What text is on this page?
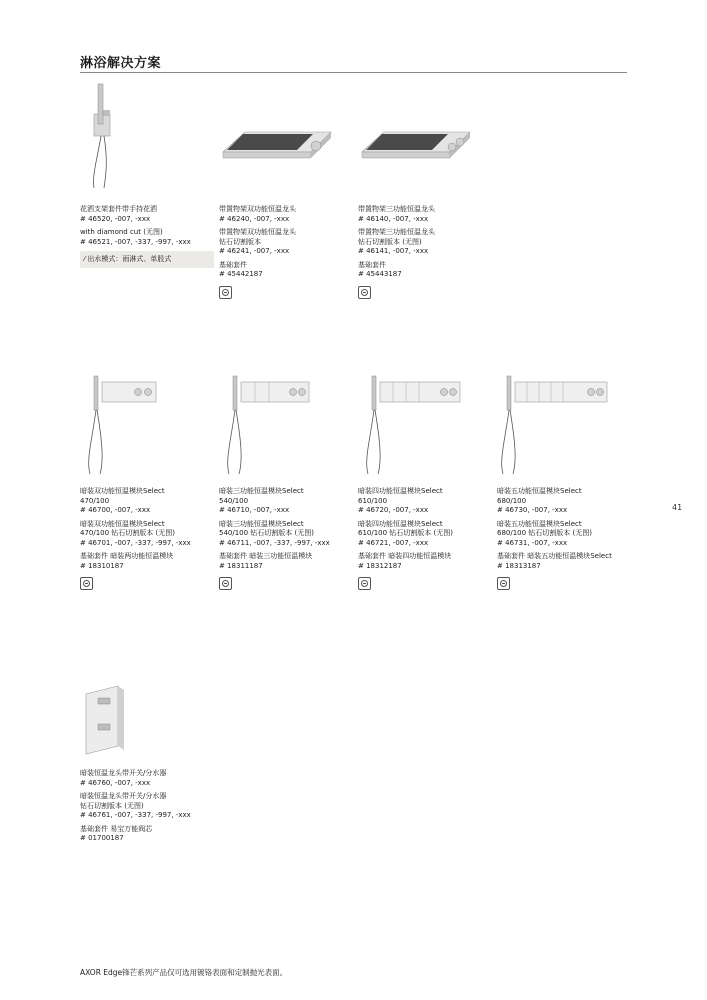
淋浴解决方案
花洒支架套件带手持花洒
# 46520, -007, -xxx
with diamond cut (无图)
# 46521, -007, -337, -997, -xxx
⁄ 出水模式：雨淋式、单股式
带置物架双功能恒温龙头
# 46240, -007, -xxx
带置物架双功能恒温龙头
钻石切割版本
# 46241, -007, -xxx
基础套件
# 45442187
带置物架三功能恒温龙头
# 46140, -007, -xxx
带置物架三功能恒温龙头
钻石切割版本 (无图)
# 46141, -007, -xxx
基础套件
# 45443187
暗装双功能恒温模块Select
470/100
# 46700, -007, -xxx
暗装双功能恒温模块Select
470/100 钻石切割版本 (无图)
# 46701, -007, -337, -997, -xxx
基础套件 暗装两功能恒温模块
# 18310187
暗装三功能恒温模块Select
540/100
# 46710, -007, -xxx
暗装三功能恒温模块Select
540/100 钻石切割版本 (无图)
# 46711, -007, -337, -997, -xxx
基础套件 暗装三功能恒温模块
# 18311187
暗装四功能恒温模块Select
610/100
# 46720, -007, -xxx
暗装四功能恒温模块Select
610/100 钻石切割版本 (无图)
# 46721, -007, -xxx
基础套件 暗装四功能恒温模块
# 18312187
暗装五功能恒温模块Select
680/100
# 46730, -007, -xxx
暗装五功能恒温模块Select
680/100 钻石切割版本 (无图)
# 46731, -007, -xxx
基础套件 暗装五功能恒温模块Select
# 18313187
暗装恒温龙头带开关/分水器
# 46760, -007, -xxx
暗装恒温龙头带开关/分水器
钻石切割版本 (无图)
# 46761, -007, -337, -997, -xxx
基础套件 易宝万能阀芯
# 01700187
41
AXOR Edge锋芒系列产品仅可选用镀铬表面和定制抛光表面。
